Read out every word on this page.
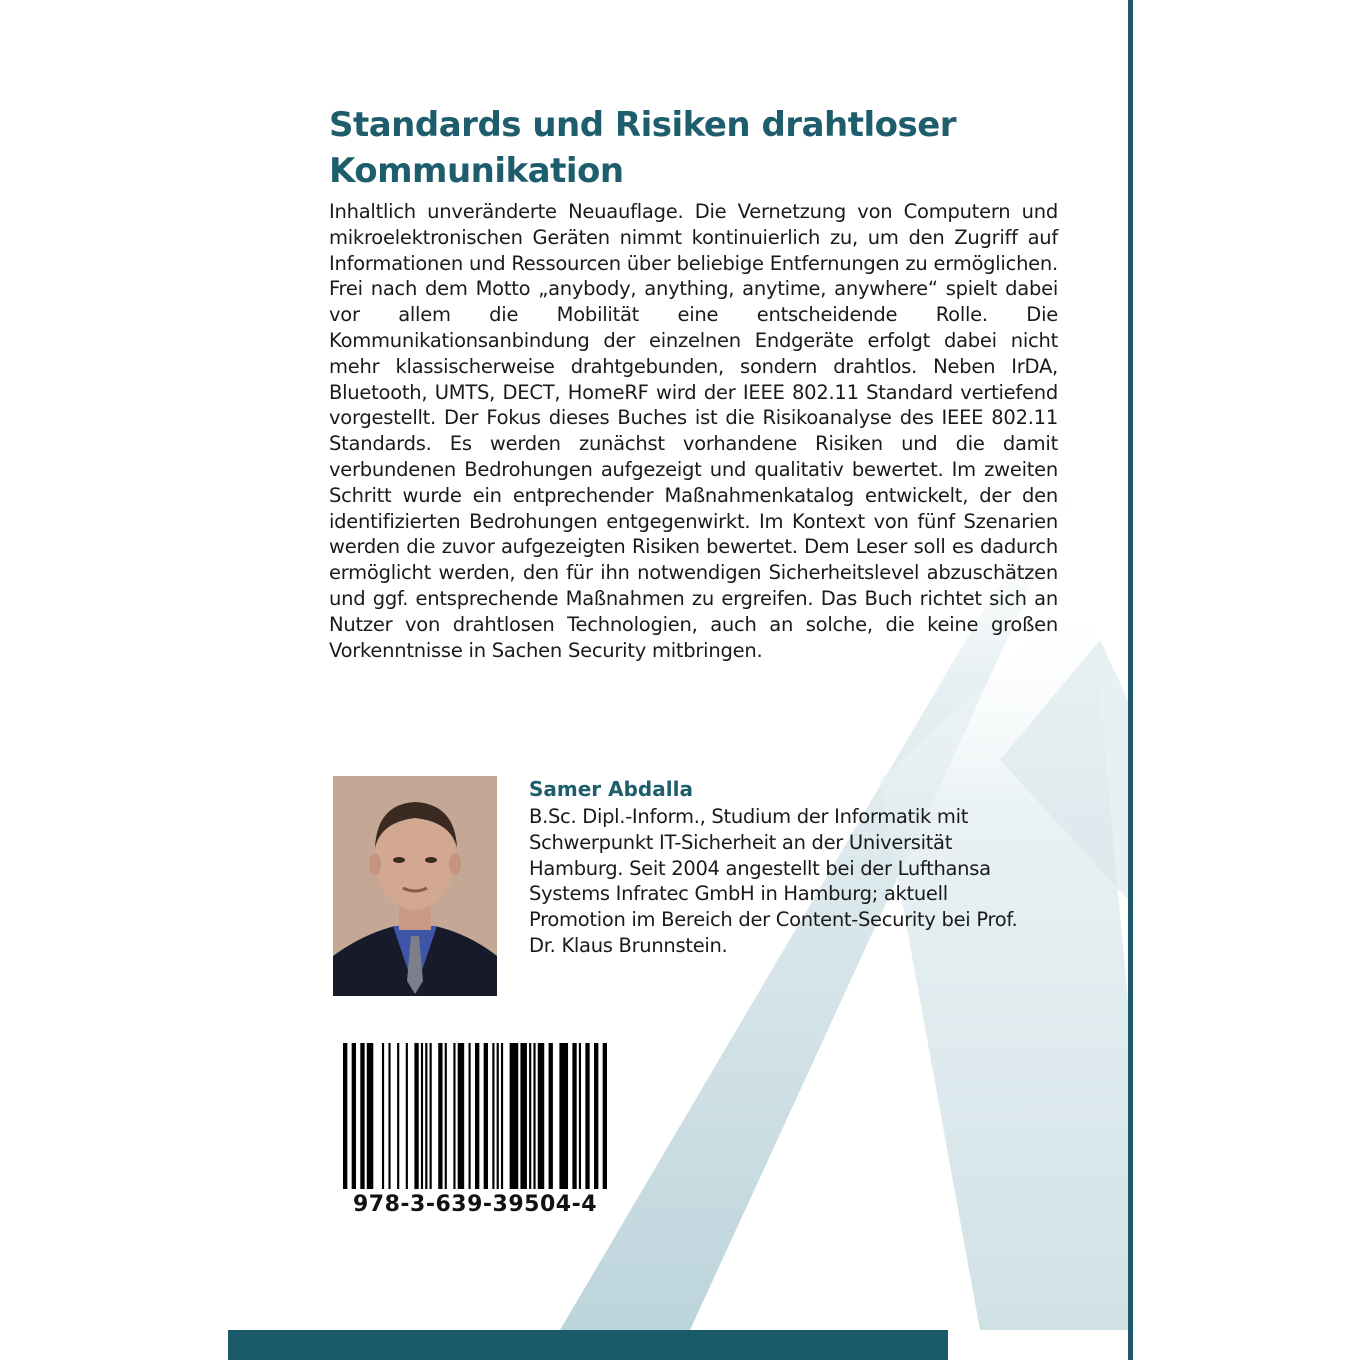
Standards und Risiken drahtloser Kommunikation

Inhaltlich unveränderte Neuauflage. Die Vernetzung von Computern und mikroelektronischen Geräten nimmt kontinuierlich zu, um den Zugriff auf Informationen und Ressourcen über beliebige Entfernungen zu ermöglichen. Frei nach dem Motto „anybody, anything, anytime, anywhere“ spielt dabei vor allem die Mobilität eine entscheidende Rolle. Die Kommunikationsanbindung der einzelnen Endgeräte erfolgt dabei nicht mehr klassischerweise drahtgebunden, sondern drahtlos. Neben IrDA, Bluetooth, UMTS, DECT, HomeRF wird der IEEE 802.11 Standard vertiefend vorgestellt. Der Fokus dieses Buches ist die Risikoanalyse des IEEE 802.11 Standards. Es werden zunächst vorhandene Risiken und die damit verbundenen Bedrohungen aufgezeigt und qualitativ bewertet. Im zweiten Schritt wurde ein entprechender Maßnahmenkatalog entwickelt, der den identifizierten Bedrohungen entgegenwirkt. Im Kontext von fünf Szenarien werden die zuvor aufgezeigten Risiken bewertet. Dem Leser soll es dadurch ermöglicht werden, den für ihn notwendigen Sicherheitslevel abzuschätzen und ggf. entsprechende Maßnahmen zu ergreifen. Das Buch richtet sich an Nutzer von drahtlosen Technologien, auch an solche, die keine großen Vorkenntnisse in Sachen Security mitbringen.

Samer Abdalla
B.Sc. Dipl.-Inform., Studium der Informatik mit
Schwerpunkt IT-Sicherheit an der Universität
Hamburg. Seit 2004 angestellt bei der Lufthansa
Systems Infratec GmbH in Hamburg; aktuell
Promotion im Bereich der Content-Security bei Prof.
Dr. Klaus Brunnstein.
978-3-639-39504-4
